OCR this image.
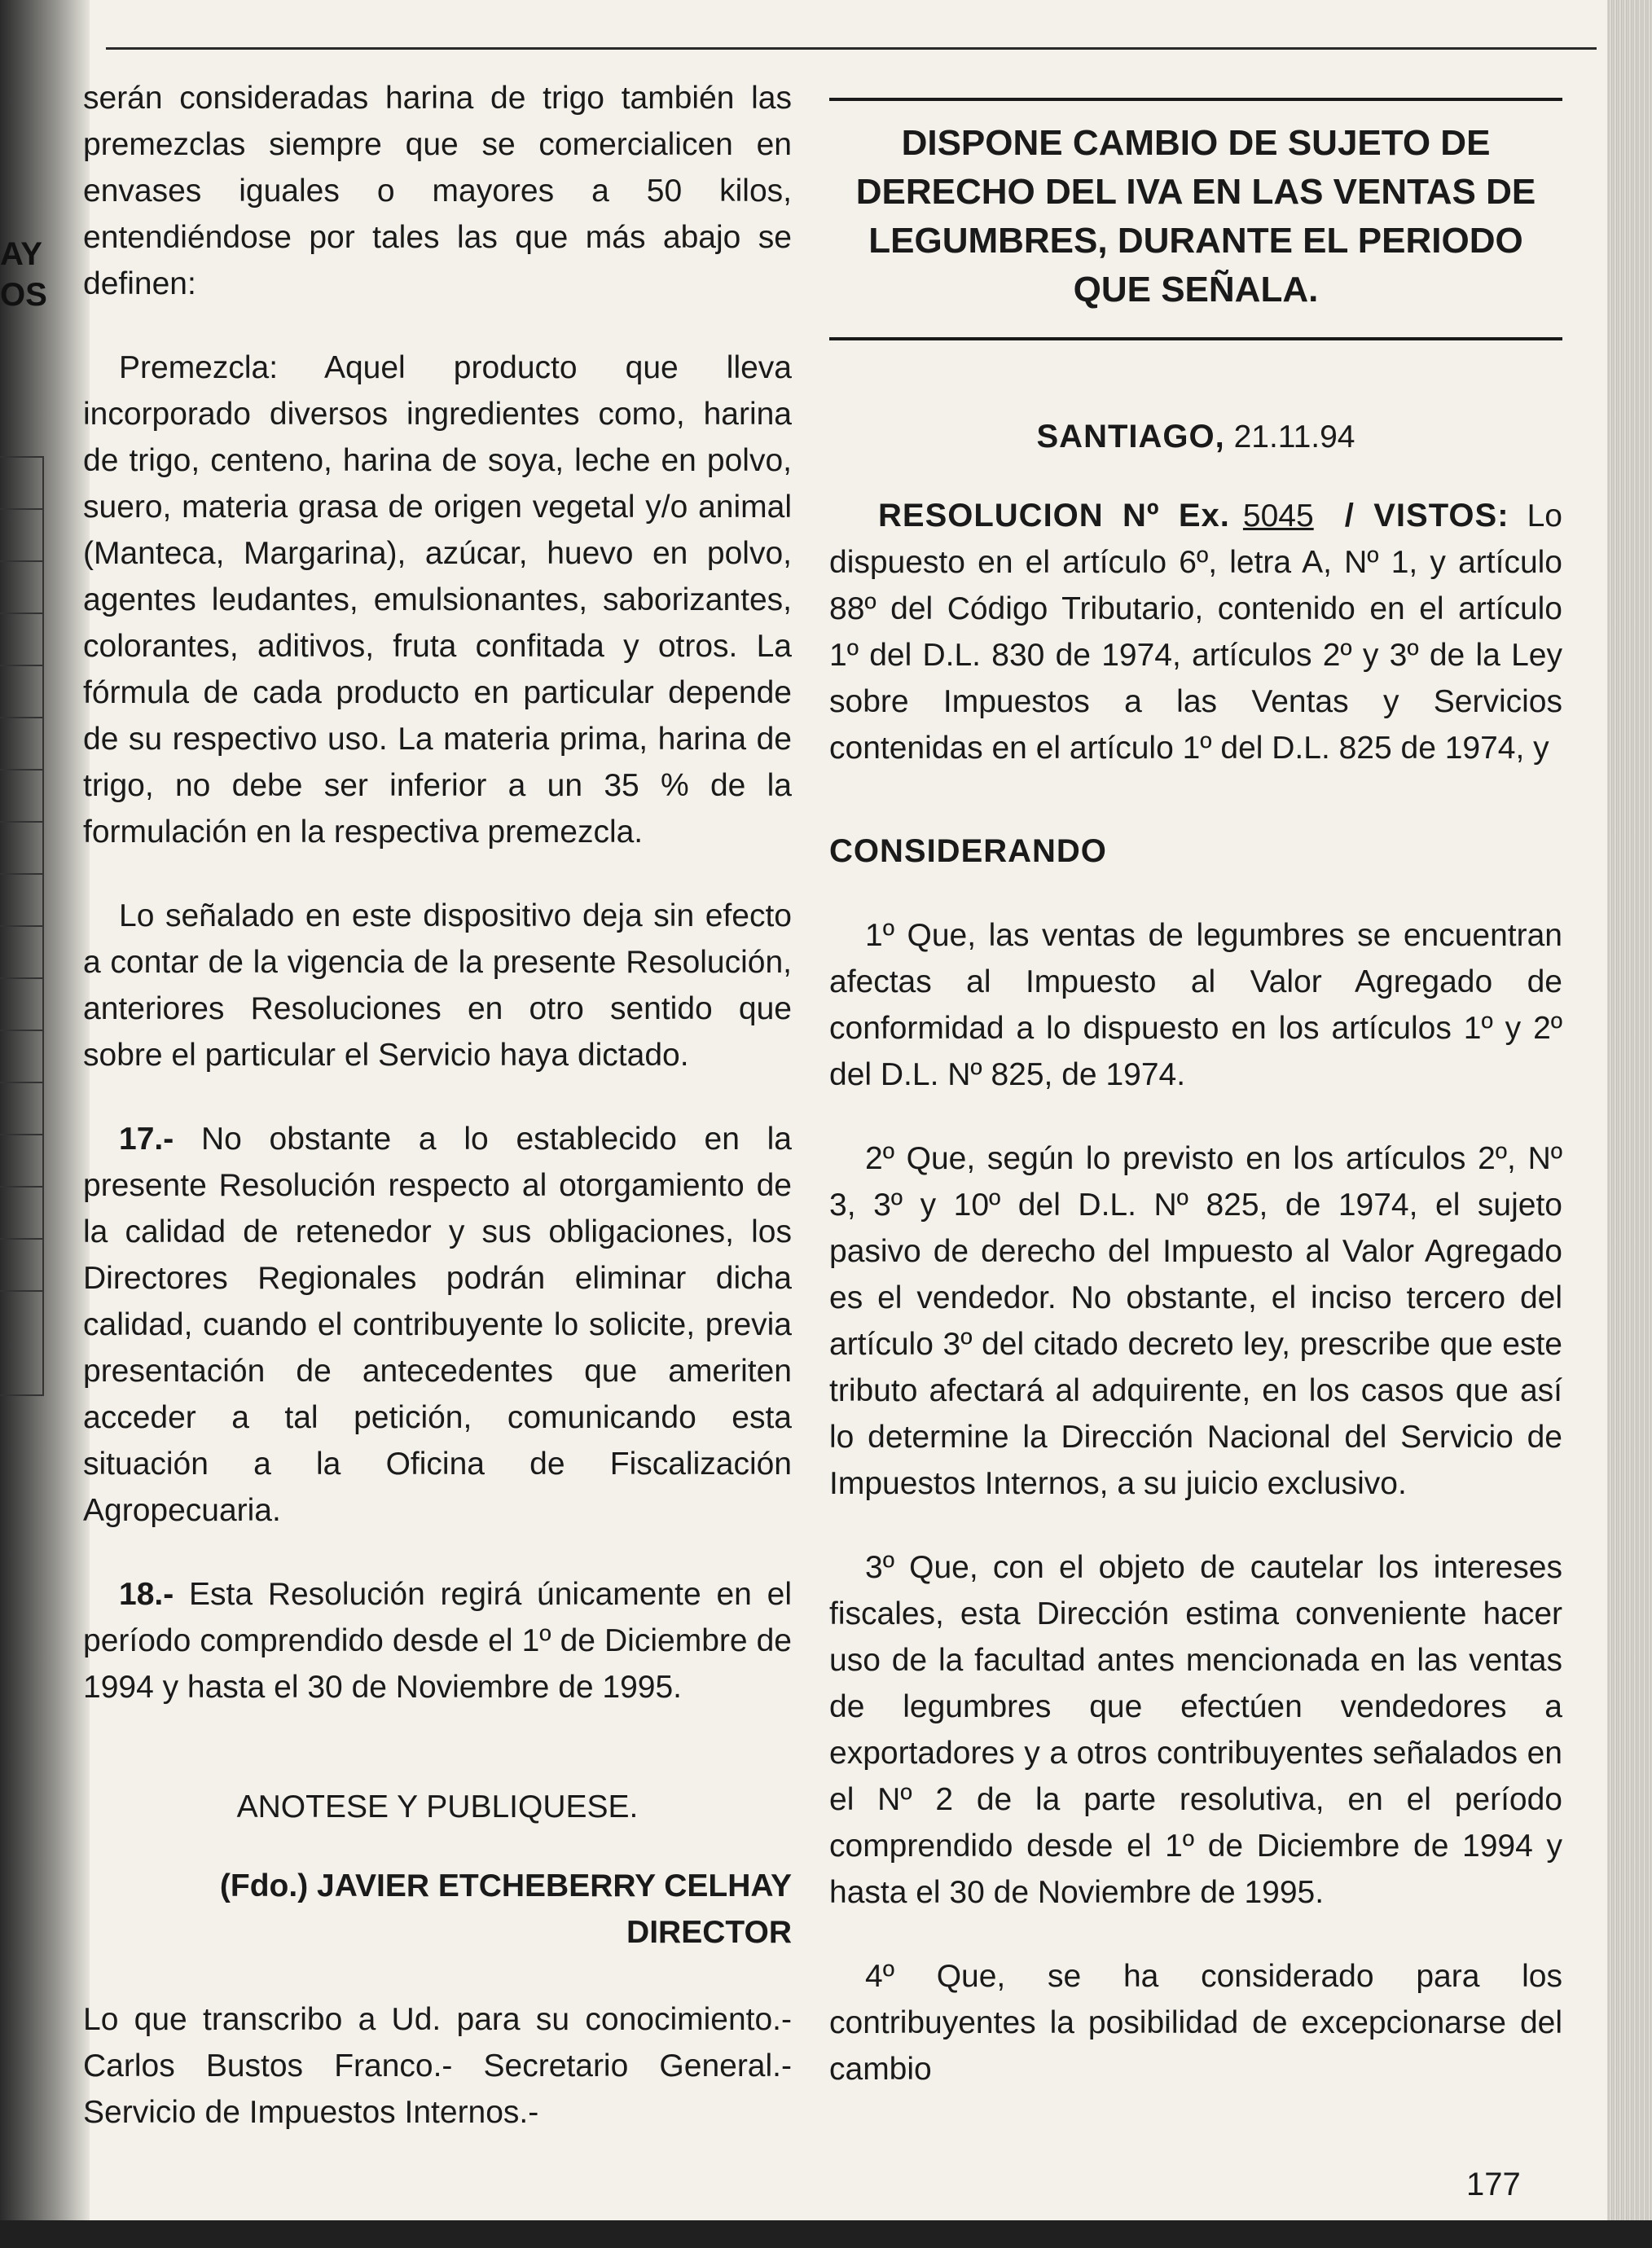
AY
OS

serán consideradas harina de trigo también las premezclas siempre que se comercialicen en envases iguales o mayores a 50 kilos, entendiéndose por tales las que más abajo se definen:

Premezcla: Aquel producto que lleva incorporado diversos ingredientes como, harina de trigo, centeno, harina de soya, leche en polvo, suero, materia grasa de origen vegetal y/o animal (Manteca, Margarina), azúcar, huevo en polvo, agentes leudantes, emulsionantes, saborizantes, colorantes, aditivos, fruta confitada y otros. La fórmula de cada producto en particular depende de su respectivo uso. La materia prima, harina de trigo, no debe ser inferior a un 35 % de la formulación en la respectiva premezcla.

Lo señalado en este dispositivo deja sin efecto a contar de la vigencia de la presente Resolución, anteriores Resoluciones en otro sentido que sobre el particular el Servicio haya dictado.

17.- No obstante a lo establecido en la presente Resolución respecto al otorgamiento de la calidad de retenedor y sus obligaciones, los Directores Regionales podrán eliminar dicha calidad, cuando el contribuyente lo solicite, previa presentación de antecedentes que ameriten acceder a tal petición, comunicando esta situación a la Oficina de Fiscalización Agropecuaria.

18.- Esta Resolución regirá únicamente en el período comprendido desde el 1º de Diciembre de 1994 y hasta el 30 de Noviembre de 1995.

ANOTESE Y PUBLIQUESE.

(Fdo.) JAVIER ETCHEBERRY CELHAY

DIRECTOR

Lo que transcribo a Ud. para su conocimiento.- Carlos Bustos Franco.- Secretario General.- Servicio de Impuestos Internos.-

DISPONE CAMBIO DE SUJETO DE DERECHO DEL IVA EN LAS VENTAS DE LEGUMBRES, DURANTE EL PERIODO QUE SEÑALA.

SANTIAGO, 21.11.94

RESOLUCION Nº Ex. 5045 / VISTOS: Lo dispuesto en el artículo 6º, letra A, Nº 1, y artículo 88º del Código Tributario, contenido en el artículo 1º del D.L. 830 de 1974, artículos 2º y 3º de la Ley sobre Impuestos a las Ventas y Servicios contenidas en el artículo 1º del D.L. 825 de 1974, y

CONSIDERANDO

1º Que, las ventas de legumbres se encuentran afectas al Impuesto al Valor Agregado de conformidad a lo dispuesto en los artículos 1º y 2º del D.L. Nº 825, de 1974.

2º Que, según lo previsto en los artículos 2º, Nº 3, 3º y 10º del D.L. Nº 825, de 1974, el sujeto pasivo de derecho del Impuesto al Valor Agregado es el vendedor. No obstante, el inciso tercero del artículo 3º del citado decreto ley, prescribe que este tributo afectará al adquirente, en los casos que así lo determine la Dirección Nacional del Servicio de Impuestos Internos, a su juicio exclusivo.

3º Que, con el objeto de cautelar los intereses fiscales, esta Dirección estima conveniente hacer uso de la facultad antes mencionada en las ventas de legumbres que efectúen vendedores a exportadores y a otros contribuyentes señalados en el Nº 2 de la parte resolutiva, en el período comprendido desde el 1º de Diciembre de 1994 y hasta el 30 de Noviembre de 1995.

4º Que, se ha considerado para los contribuyentes la posibilidad de excepcionarse del cambio

177
